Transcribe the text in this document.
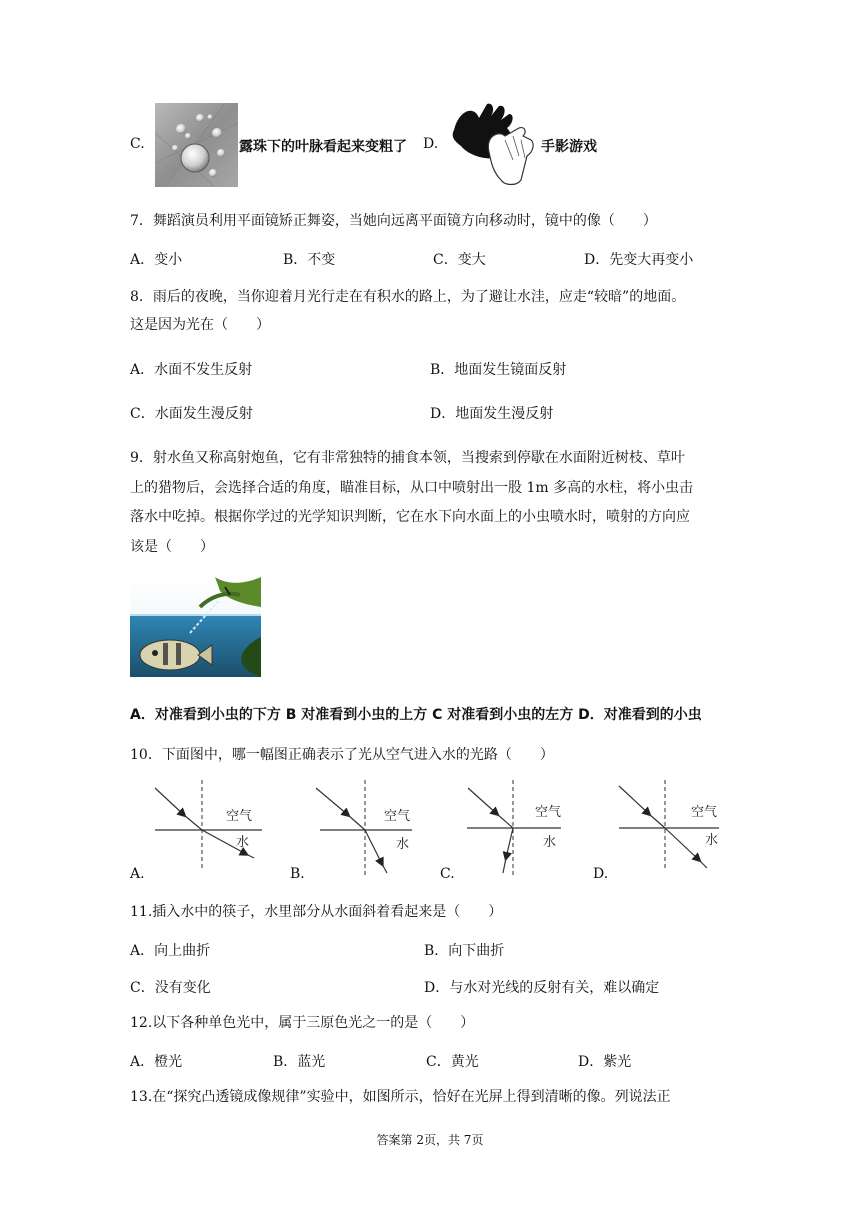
C.	露珠下的叶脉看起来变粗了 D.	手影游戏
7．舞蹈演员利用平面镜矫正舞姿，当她向远离平面镜方向移动时，镜中的像（　　）
A．变小	B．不变	C．变大	D．先变大再变小
8．雨后的夜晚，当你迎着月光行走在有积水的路上，为了避让水洼，应走“较暗”的地面。
这是因为光在（　　）
A．水面不发生反射	B．地面发生镜面反射
C．水面发生漫反射	D．地面发生漫反射
9．射水鱼又称高射炮鱼，它有非常独特的捕食本领，当搜索到停歇在水面附近树枝、草叶
上的猎物后，会选择合适的角度，瞄准目标，从口中喷射出一股 1m 多高的水柱，将小虫击
落水中吃掉。根据你学过的光学知识判断，它在水下向水面上的小虫喷水时，喷射的方向应
该是（　　）
A．对准看到小虫的下方 B 对准看到小虫的上方 C 对准看到小虫的左方 D．对准看到的小虫
10．下面图中，哪一幅图正确表示了光从空气进入水的光路（　　）
空气
水
A.
空气
水
B.
空气
水
C.
空气
水
D.
11.插入水中的筷子，水里部分从水面斜着看起来是（　　）
A．向上曲折	B．向下曲折
C．没有变化	D．与水对光线的反射有关，难以确定
12.以下各种单色光中，属于三原色光之一的是（　　）
A．橙光	B．蓝光	C．黄光	D．紫光
13.在“探究凸透镜成像规律”实验中，如图所示，恰好在光屏上得到清晰的像。列说法正
答案第 2页，共 7页
